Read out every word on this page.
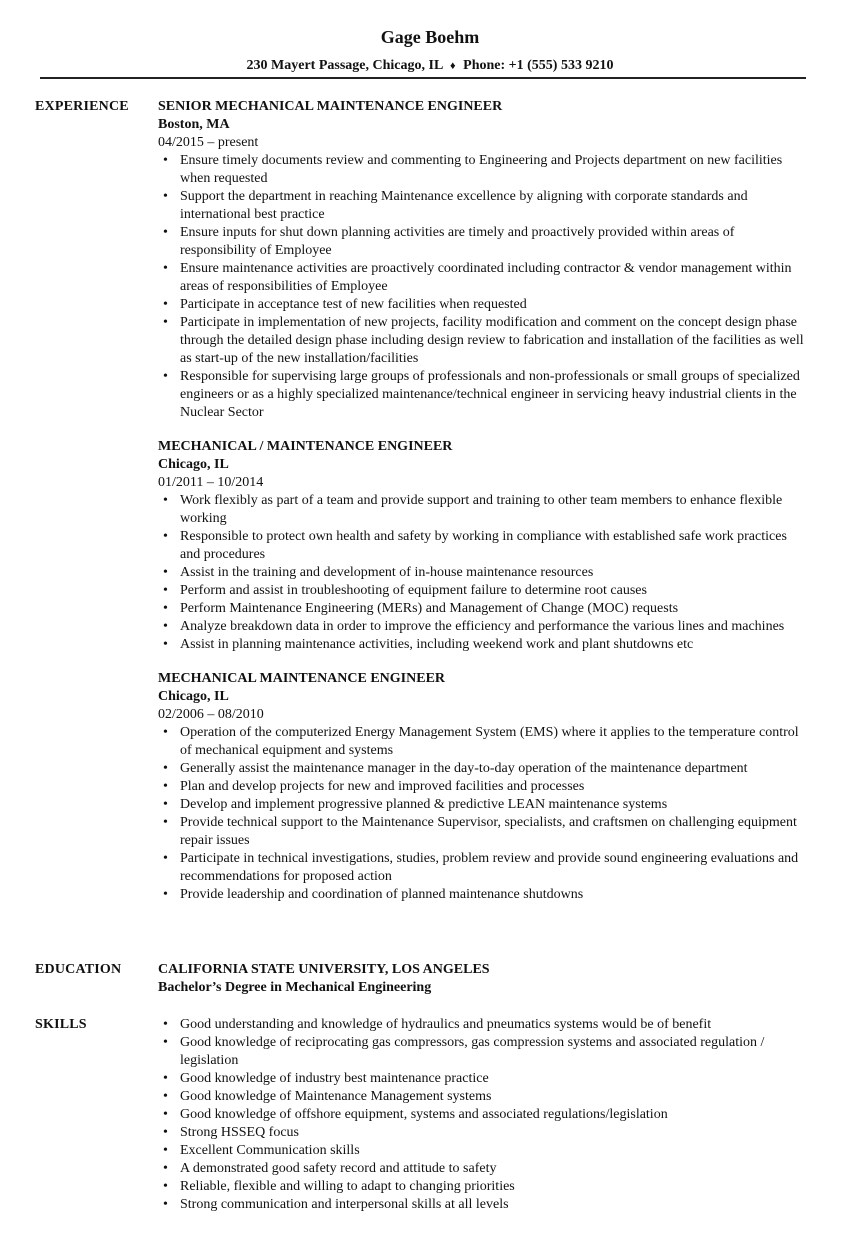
Gage Boehm
230 Mayert Passage, Chicago, IL ♦ Phone: +1 (555) 533 9210
EXPERIENCE SENIOR MECHANICAL MAINTENANCE ENGINEER
Boston, MA
04/2015 – present
• Ensure timely documents review and commenting to Engineering and Projects department on new facilities when requested
• Support the department in reaching Maintenance excellence by aligning with corporate standards and international best practice
• Ensure inputs for shut down planning activities are timely and proactively provided within areas of responsibility of Employee
• Ensure maintenance activities are proactively coordinated including contractor & vendor management within areas of responsibilities of Employee
• Participate in acceptance test of new facilities when requested
• Participate in implementation of new projects, facility modification and comment on the concept design phase through the detailed design phase including design review to fabrication and installation of the facilities as well as start-up of the new installation/facilities
• Responsible for supervising large groups of professionals and non-professionals or small groups of specialized engineers or as a highly specialized maintenance/technical engineer in servicing heavy industrial clients in the Nuclear Sector
MECHANICAL / MAINTENANCE ENGINEER
Chicago, IL
01/2011 – 10/2014
• Work flexibly as part of a team and provide support and training to other team members to enhance flexible working
• Responsible to protect own health and safety by working in compliance with established safe work practices and procedures
• Assist in the training and development of in-house maintenance resources
• Perform and assist in troubleshooting of equipment failure to determine root causes
• Perform Maintenance Engineering (MERs) and Management of Change (MOC) requests
• Analyze breakdown data in order to improve the efficiency and performance the various lines and machines
• Assist in planning maintenance activities, including weekend work and plant shutdowns etc
MECHANICAL MAINTENANCE ENGINEER
Chicago, IL
02/2006 – 08/2010
• Operation of the computerized Energy Management System (EMS) where it applies to the temperature control of mechanical equipment and systems
• Generally assist the maintenance manager in the day-to-day operation of the maintenance department
• Plan and develop projects for new and improved facilities and processes
• Develop and implement progressive planned & predictive LEAN maintenance systems
• Provide technical support to the Maintenance Supervisor, specialists, and craftsmen on challenging equipment repair issues
• Participate in technical investigations, studies, problem review and provide sound engineering evaluations and recommendations for proposed action
• Provide leadership and coordination of planned maintenance shutdowns
EDUCATION	CALIFORNIA STATE UNIVERSITY, LOS ANGELES
Bachelor’s Degree in Mechanical Engineering
SKILLS
•	Good understanding and knowledge of hydraulics and pneumatics systems would be of benefit
• Good knowledge of reciprocating gas compressors, gas compression systems and associated regulation / legislation
• Good knowledge of industry best maintenance practice
• Good knowledge of Maintenance Management systems
• Good knowledge of offshore equipment, systems and associated regulations/legislation
• Strong HSSEQ focus
• Excellent Communication skills
• A demonstrated good safety record and attitude to safety
• Reliable, flexible and willing to adapt to changing priorities
• Strong communication and interpersonal skills at all levels
